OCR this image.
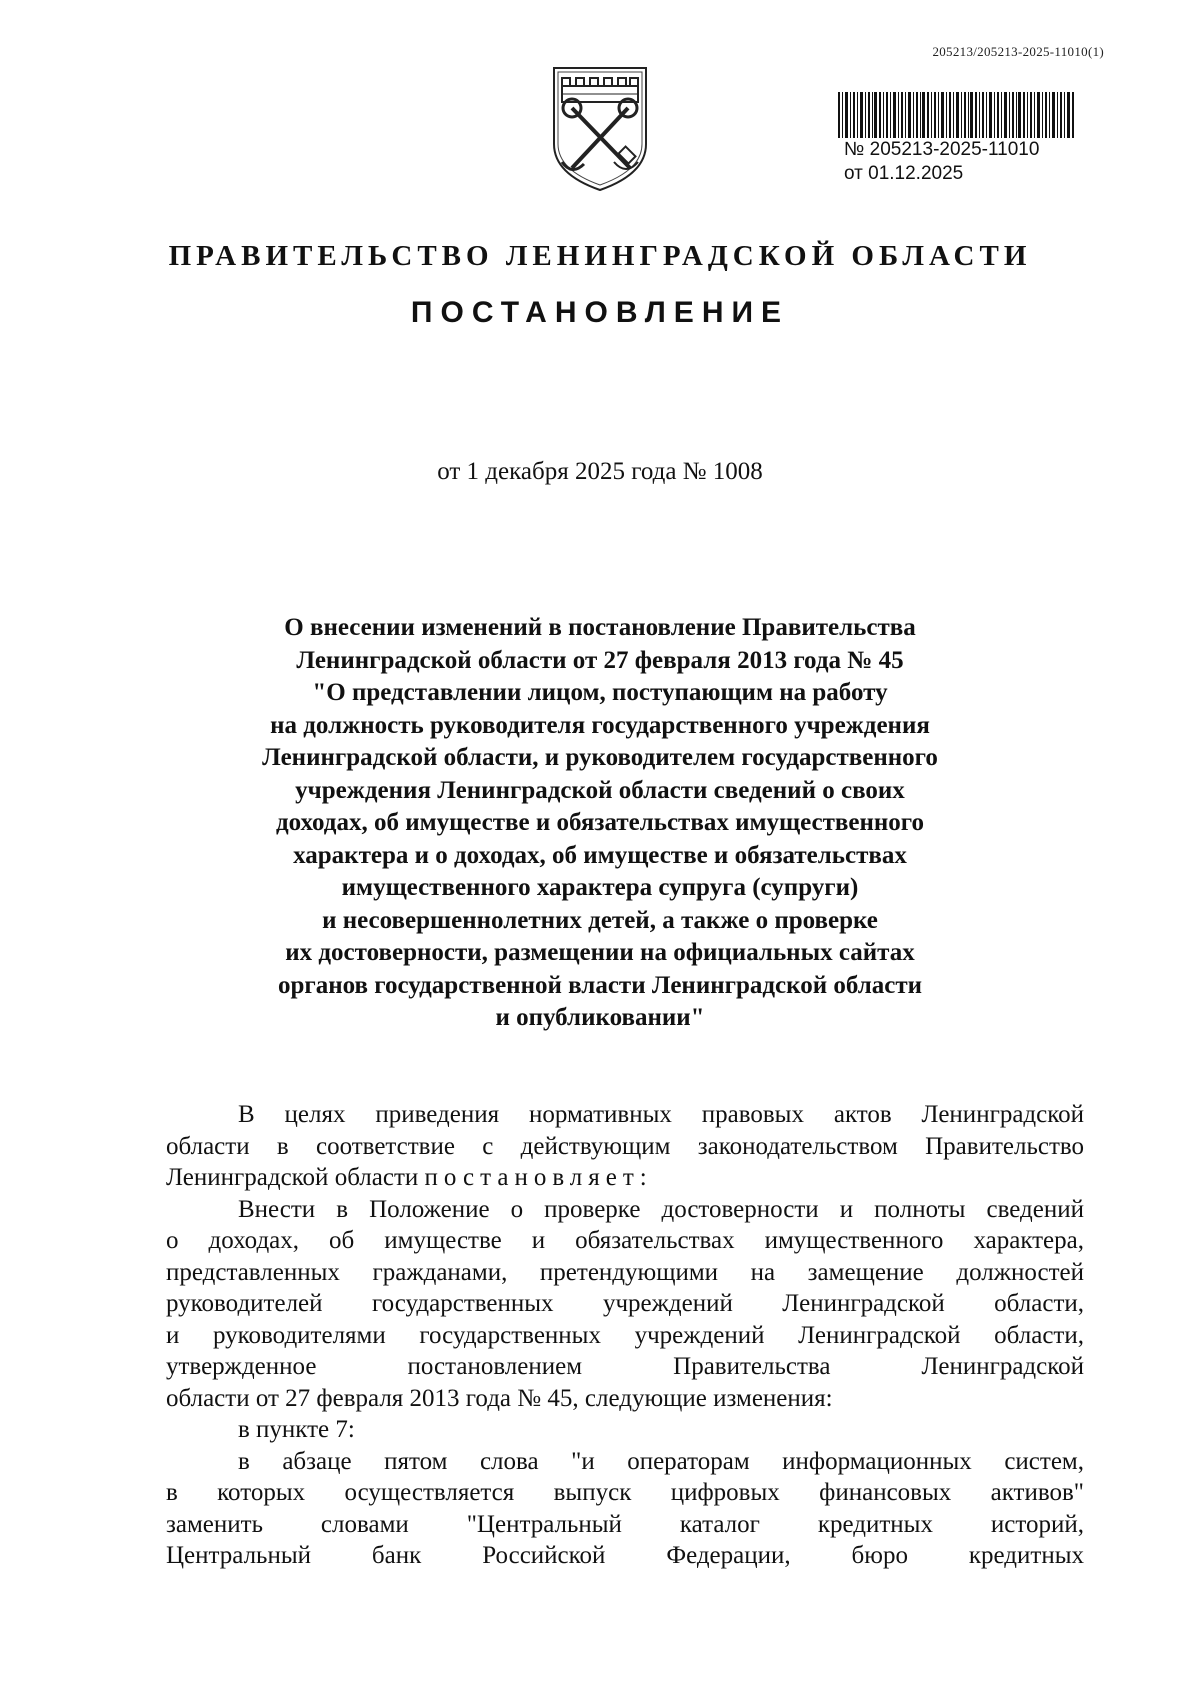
205213/205213-2025-11010(1)

№ 205213-2025-11010

от 01.12.2025

ПРАВИТЕЛЬСТВО ЛЕНИНГРАДСКОЙ ОБЛАСТИ
ПОСТАНОВЛЕНИЕ
от 1 декабря 2025 года № 1008
О внесении изменений в постановление Правительства
Ленинградской области от 27 февраля 2013 года № 45
"О представлении лицом, поступающим на работу
на должность руководителя государственного учреждения
Ленинградской области, и руководителем государственного
учреждения Ленинградской области сведений о своих
доходах, об имуществе и обязательствах имущественного
характера и о доходах, об имуществе и обязательствах
имущественного характера супруга (супруги)
и несовершеннолетних детей, а также о проверке
их достоверности, размещении на официальных сайтах
органов государственной власти Ленинградской области
и опубликовании"
В целях приведения нормативных правовых актов Ленинградской
области в соответствие с действующим законодательством Правительство
Ленинградской области постановляет:
Внести в Положение о проверке достоверности и полноты сведений
о доходах, об имуществе и обязательствах имущественного характера,
представленных гражданами, претендующими на замещение должностей
руководителей государственных учреждений Ленинградской области,
и руководителями государственных учреждений Ленинградской области,
утвержденное постановлением Правительства Ленинградской
области от 27 февраля 2013 года № 45, следующие изменения:
в пункте 7:
в абзаце пятом слова "и операторам информационных систем,
в которых осуществляется выпуск цифровых финансовых активов"
заменить словами "Центральный каталог кредитных историй,
Центральный банк Российской Федерации, бюро кредитных
